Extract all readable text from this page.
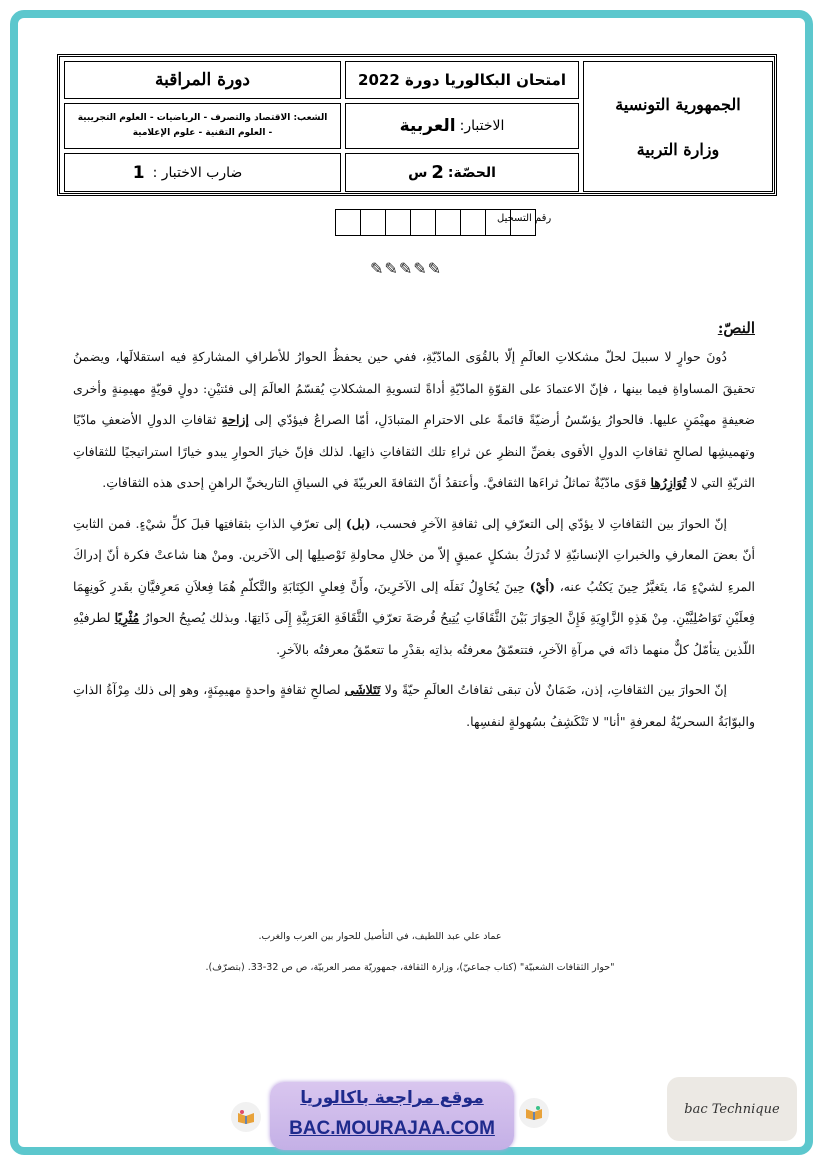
الجمهورية التونسية
وزارة التربية
امتحان البكالوريا دورة 2022
الاختبار:
العربية
الحصّة:
2
س
دورة المراقبة
الشعب: الاقتصاد والتصرف - الرياضيات - العلوم التجريبية
- العلوم التقنية - علوم الإعلامية
ضارب الاختبار :
1
رقم التسجيل
✎✎✎✎✎
النصّ:

دُونَ حوارٍ لا سبيلَ لحلّ مشكلاتِ العالَمِ إلّا بالقُوَى المادّيّةِ، ففي حين يحفظُ الحوارُ للأطرافِ المشاركةِ فيه استقلالَها، ويضمنُ تحقيقَ المساواةِ فيما بينها ، فإنّ الاعتمادَ على القوّةِ المادّيّةِ أداةً لتسويةِ المشكلاتِ يُقسّمُ العالَمَ إلى فئتيْنِ: دولٍ قويّةٍ مهيمِنةٍ وأخرى ضعيفةٍ مهيْمَنٍ عليها. فالحوارُ يؤسّسُ أرضيّةً قائمةً على الاحترامِ المتبادَلِ، أمّا الصراعُ فيؤدّي إلى إزاحةِ ثقافاتِ الدولِ الأضعفِ مادّيًا وتهميشِها لصالحِ ثقافاتِ الدولِ الأقوى بغضِّ النظرِ عن ثراءِ تلك الثقافاتِ ذاتِها. لذلك فإنّ خيارَ الحوارِ يبدو خيارًا استراتيجيًا للثقافاتِ الثريّةِ التي لا تُوَازِرُها قوًى مادّيّةٌ تماثلُ ثراءَها الثقافيَّ. وأعتقدُ أنّ الثقافةَ العربيّةَ في السياقِ التاريخيِّ الراهنِ إحدى هذه الثقافاتِ.

إنّ الحوارَ بين الثقافاتِ لا يؤدّي إلى التعرّفِ إلى ثقافةِ الآخرِ فحسب، (بل) إلى تعرّفِ الذاتِ بثقافتِها قبلَ كلِّ شيْءٍ. فمن الثابتِ أنّ بعضَ المعارفِ والخبراتِ الإنسانيّةِ لا تُدرَكُ بشكلٍ عميقٍ إلاّ من خلالِ محاولةِ تَوْصيلِها إلى الآخرين. ومنْ هنا شاعتْ فكرة أنّ إدراكَ المرءِ لشيْءٍ مَا، يتَغيَّرُ حِينَ يَكتُبُ عنه، (أيْ) حِينَ يُحَاوِلُ نَقلَه إلى الآخَرِينَ، وأَنَّ فِعليِ الكِتَابَةِ والتَّكلّمِ هُمَا فِعلاَنِ مَعرِفيَّانِ بقَدرِ كَونِهِمَا فِعلَيْنِ تَوَاصُلِيَّيْنِ. مِنْ هَذِهِ الزَّاوِيَةِ فَإِنَّ الحِوَارَ بَيْنَ الثَّقَافَاتِ يُتِيحُ فُرصَةَ تعرّفِ الثَّقَافَةِ العَرَبِيَّةِ إِلَى ذَاتِهَا. وبذلك يُصبِحُ الحوارُ مُثْرِيًا لطرفيْهِ اللّذين يتأمّلُ كلٌّ منهما ذاتَه في مرآةِ الآخرِ، فتتعمّقُ معرفتُه بذاتِه بقدْرِ ما تتعمّقُ معرفتُه بالآخرِ.

إنّ الحوارَ بين الثقافاتِ، إذن، ضَمَانٌ لأن تبقى ثقافاتُ العالَمِ حيّةً ولا تَتَلاشَى لصالحِ ثقافةٍ واحدةٍ مهيمِنَةٍ، وهو إلى ذلك مِرْآةُ الذاتِ والبوّابَةُ السحريّةُ لمعرفةِ "أنا" لا تَنْكَشِفُ بسُهولةٍ لنفسِها.

عماد علي عبد اللطيف، في التأصيل للحوار بين العرب والغرب.
"حوار الثقافات الشعبيّة" (كتاب جماعيّ)، وزارة الثقافة، جمهوريّة مصر العربيّة، ص ص 32-33. (بتصرّف).
موقع مراجعة باكالوريا
BAC.MOURAJAA.COM
bac Technique
